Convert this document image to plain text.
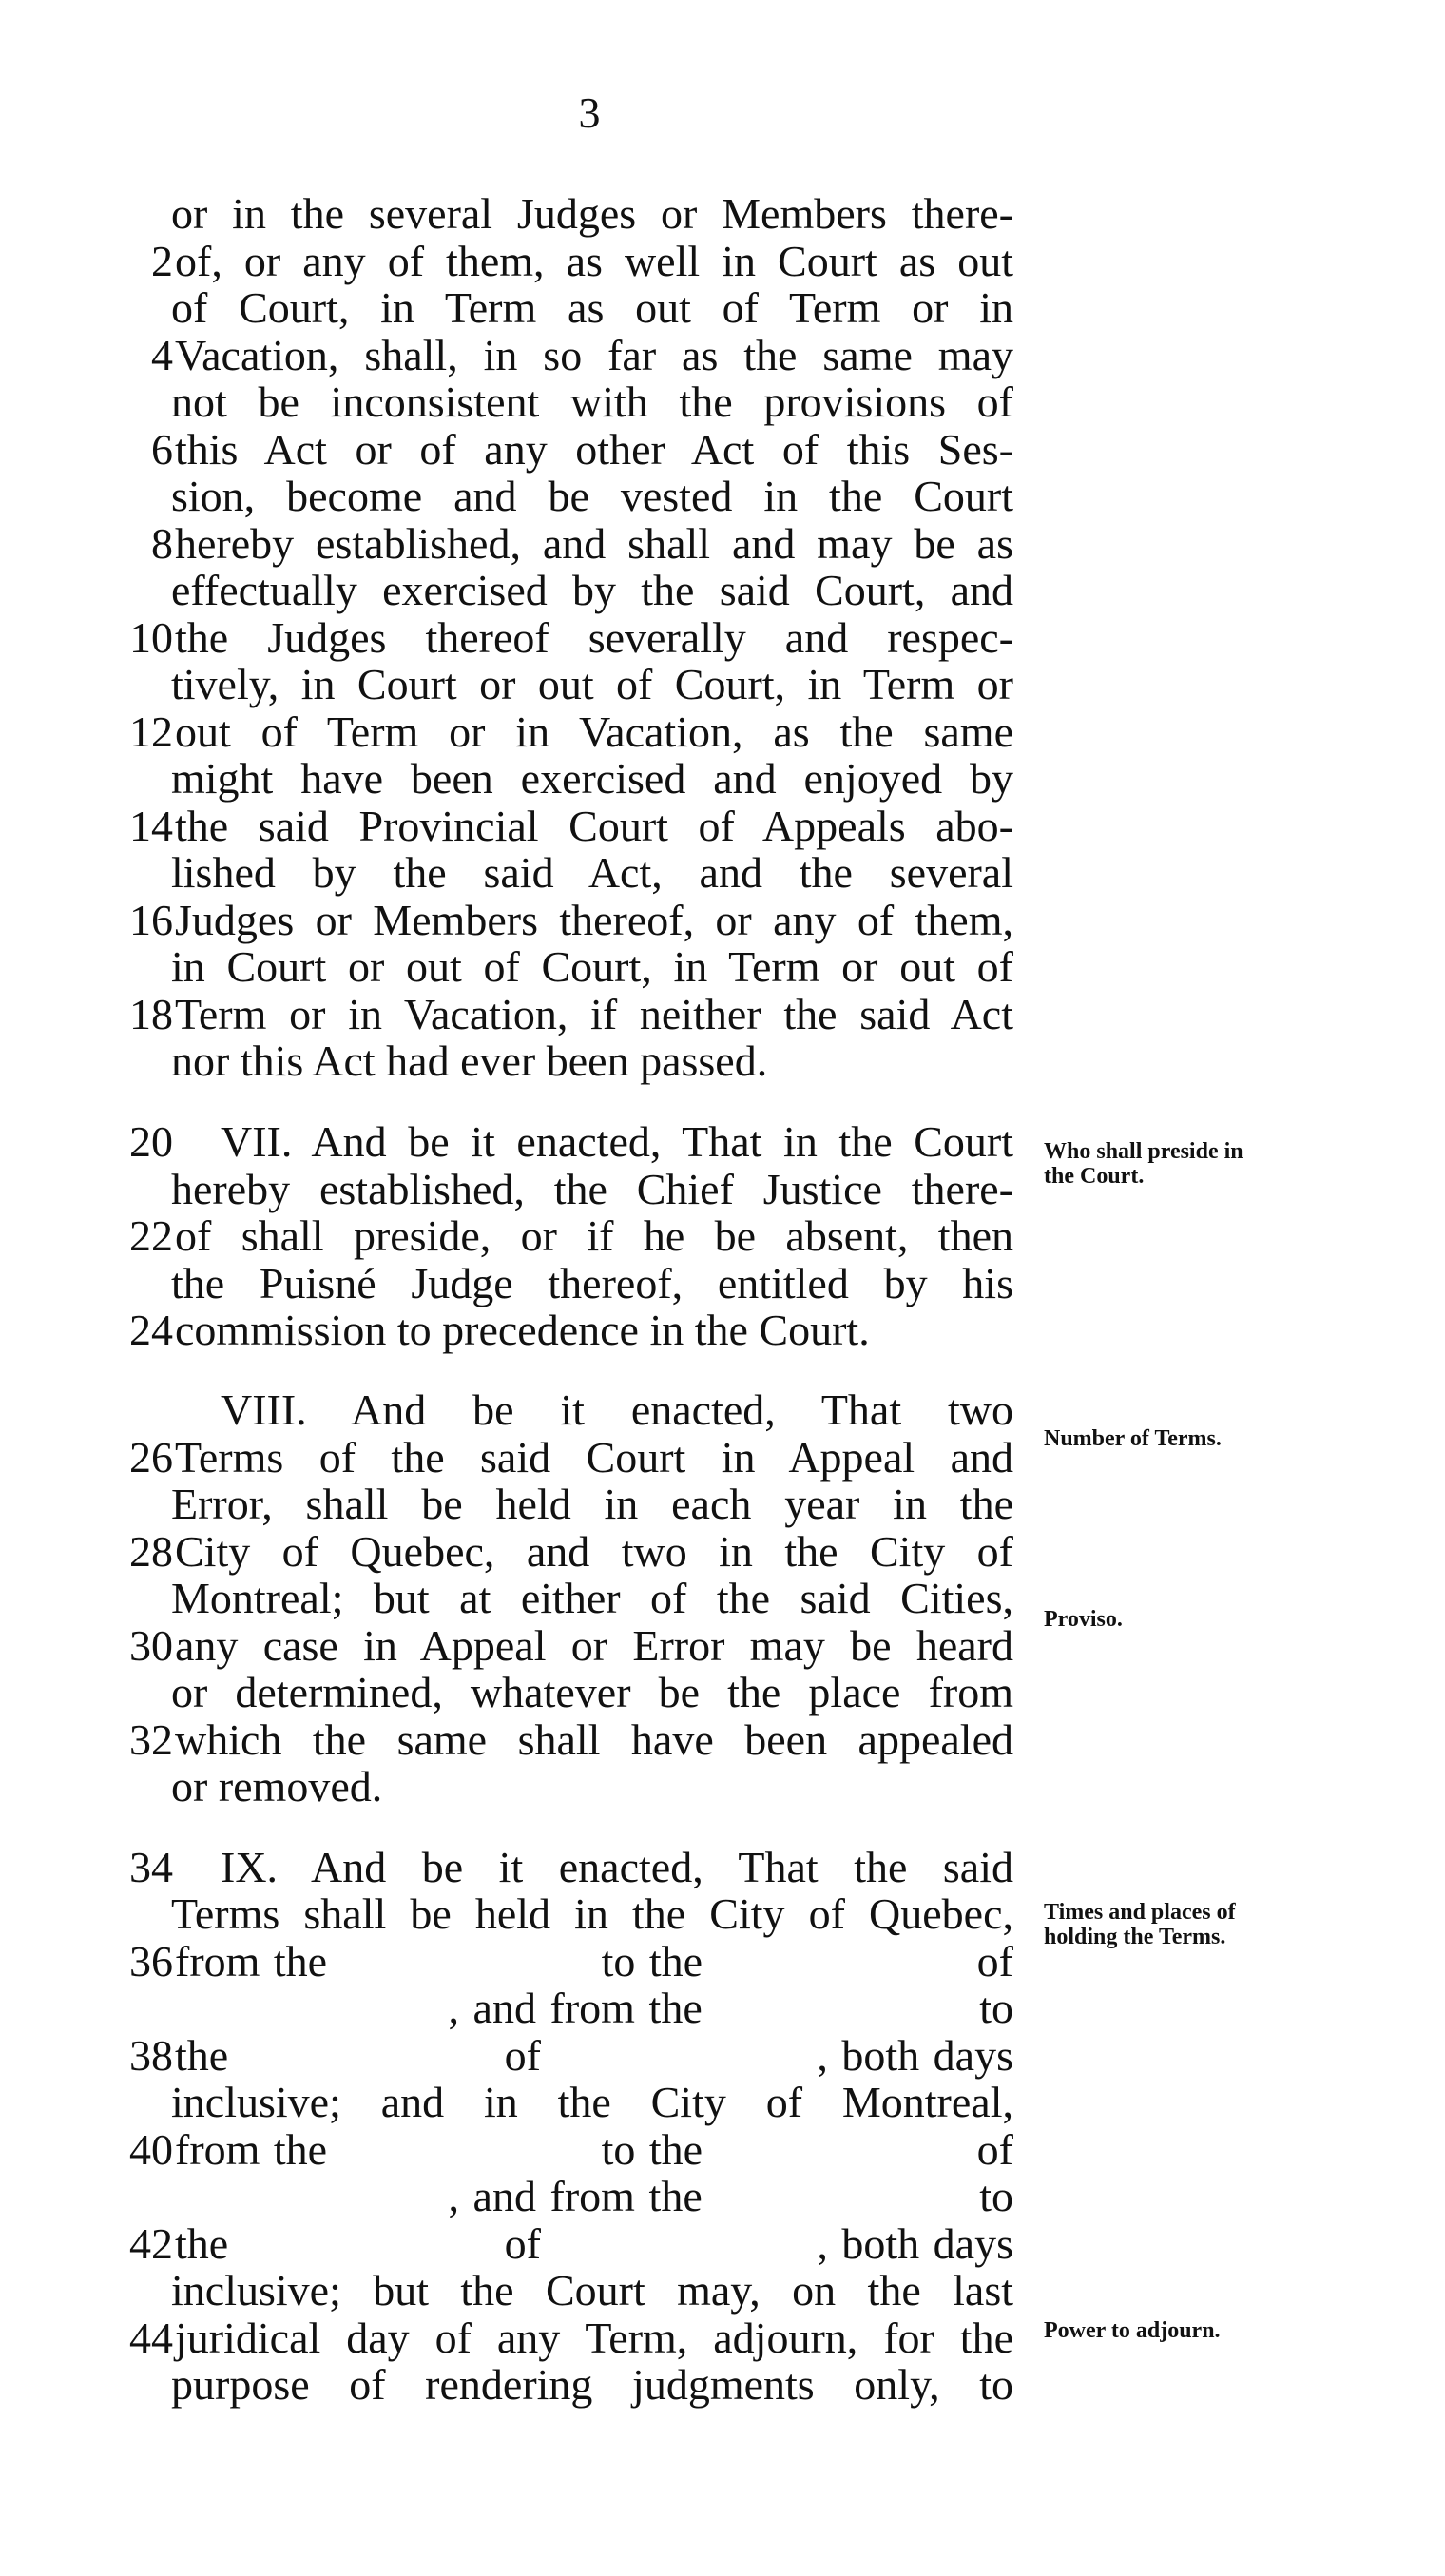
3
or in the several Judges or Members there-
2 of, or any of them, as well in Court as out
of Court, in Term as out of Term or in
4 Vacation, shall, in so far as the same may
not be inconsistent with the provisions of
6 this Act or of any other Act of this Ses-
sion, become and be vested in the Court
8 hereby established, and shall and may be as
effectually exercised by the said Court, and
10 the Judges thereof severally and respec-
tively, in Court or out of Court, in Term or
12 out of Term or in Vacation, as the same
might have been exercised and enjoyed by
14 the said Provincial Court of Appeals abo-
lished by the said Act, and the several
16 Judges or Members thereof, or any of them,
in Court or out of Court, in Term or out of
18 Term or in Vacation, if neither the said Act
nor this Act had ever been passed.
20 VII. And be it enacted, That in the Court
hereby established, the Chief Justice there-
22 of shall preside, or if he be absent, then
the Puisné Judge thereof, entitled by his
24 commission to precedence in the Court.
VIII. And be it enacted, That two
26 Terms of the said Court in Appeal and
Error, shall be held in each year in the
28 City of Quebec, and two in the City of
Montreal; but at either of the said Cities,
30 any case in Appeal or Error may be heard
or determined, whatever be the place from
32 which the same shall have been appealed
or removed.
34 IX. And be it enacted, That the said
Terms shall be held in the City of Quebec,
36 from the                    to the                    of
, and from the                    to
38 the                    of                    , both days
inclusive; and in the City of Montreal,
40 from the                    to the                    of
, and from the                    to
42 the                    of                    , both days
inclusive; but the Court may, on the last
44 juridical day of any Term, adjourn, for the
purpose of rendering judgments only, to
Who shall preside in the Court.
Number of Terms.
Proviso.
Times and places of holding the Terms.
Power to adjourn.
